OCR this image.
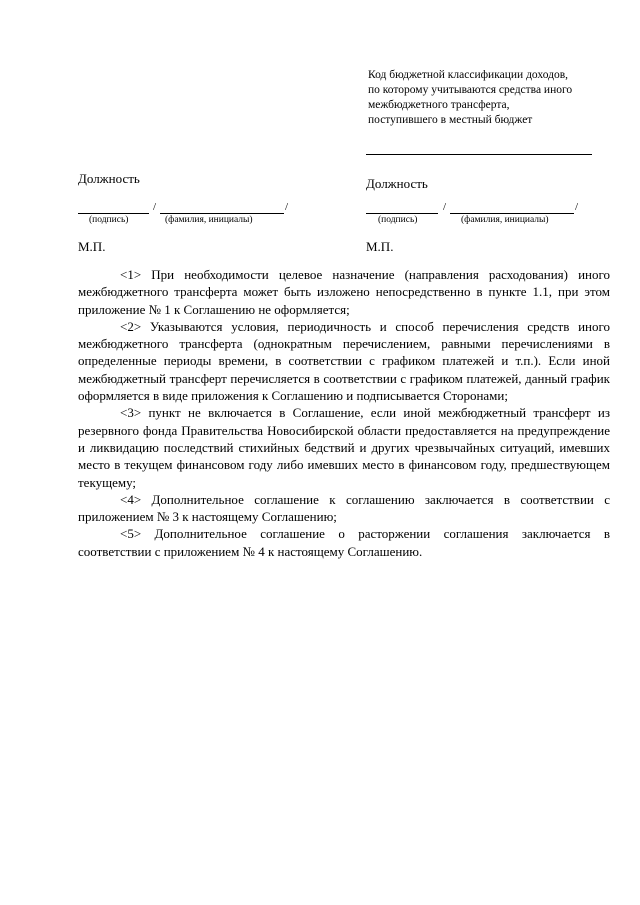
Код бюджетной классификации доходов,
по которому учитываются средства иного
межбюджетного трансферта,
поступившего в местный бюджет
Должность
/	/
(подпись)	(фамилия, инициалы)
М.П.
Должность
/	/
(подпись)	(фамилия, инициалы)
М.П.

<1> При необходимости целевое назначение (направления расходования) иного межбюджетного трансферта может быть изложено непосредственно в пункте 1.1, при этом приложение № 1 к Соглашению не оформляется;

<2> Указываются условия, периодичность и способ перечисления средств иного межбюджетного трансферта (однократным перечислением, равными перечислениями в определенные периоды времени, в соответствии с графиком платежей и т.п.). Если иной межбюджетный трансферт перечисляется в соответствии с графиком платежей, данный график оформляется в виде приложения к Соглашению и подписывается Сторонами;

<3> пункт не включается в Соглашение, если иной межбюджетный трансферт из резервного фонда Правительства Новосибирской области предоставляется на предупреждение и ликвидацию последствий стихийных бедствий и других чрезвычайных ситуаций, имевших место в текущем финансовом году либо имевших место в финансовом году, предшествующем текущему;

<4> Дополнительное соглашение к соглашению заключается в соответствии с приложением № 3 к настоящему Соглашению;

<5> Дополнительное соглашение о расторжении соглашения заключается в соответствии с приложением № 4 к настоящему Соглашению.
